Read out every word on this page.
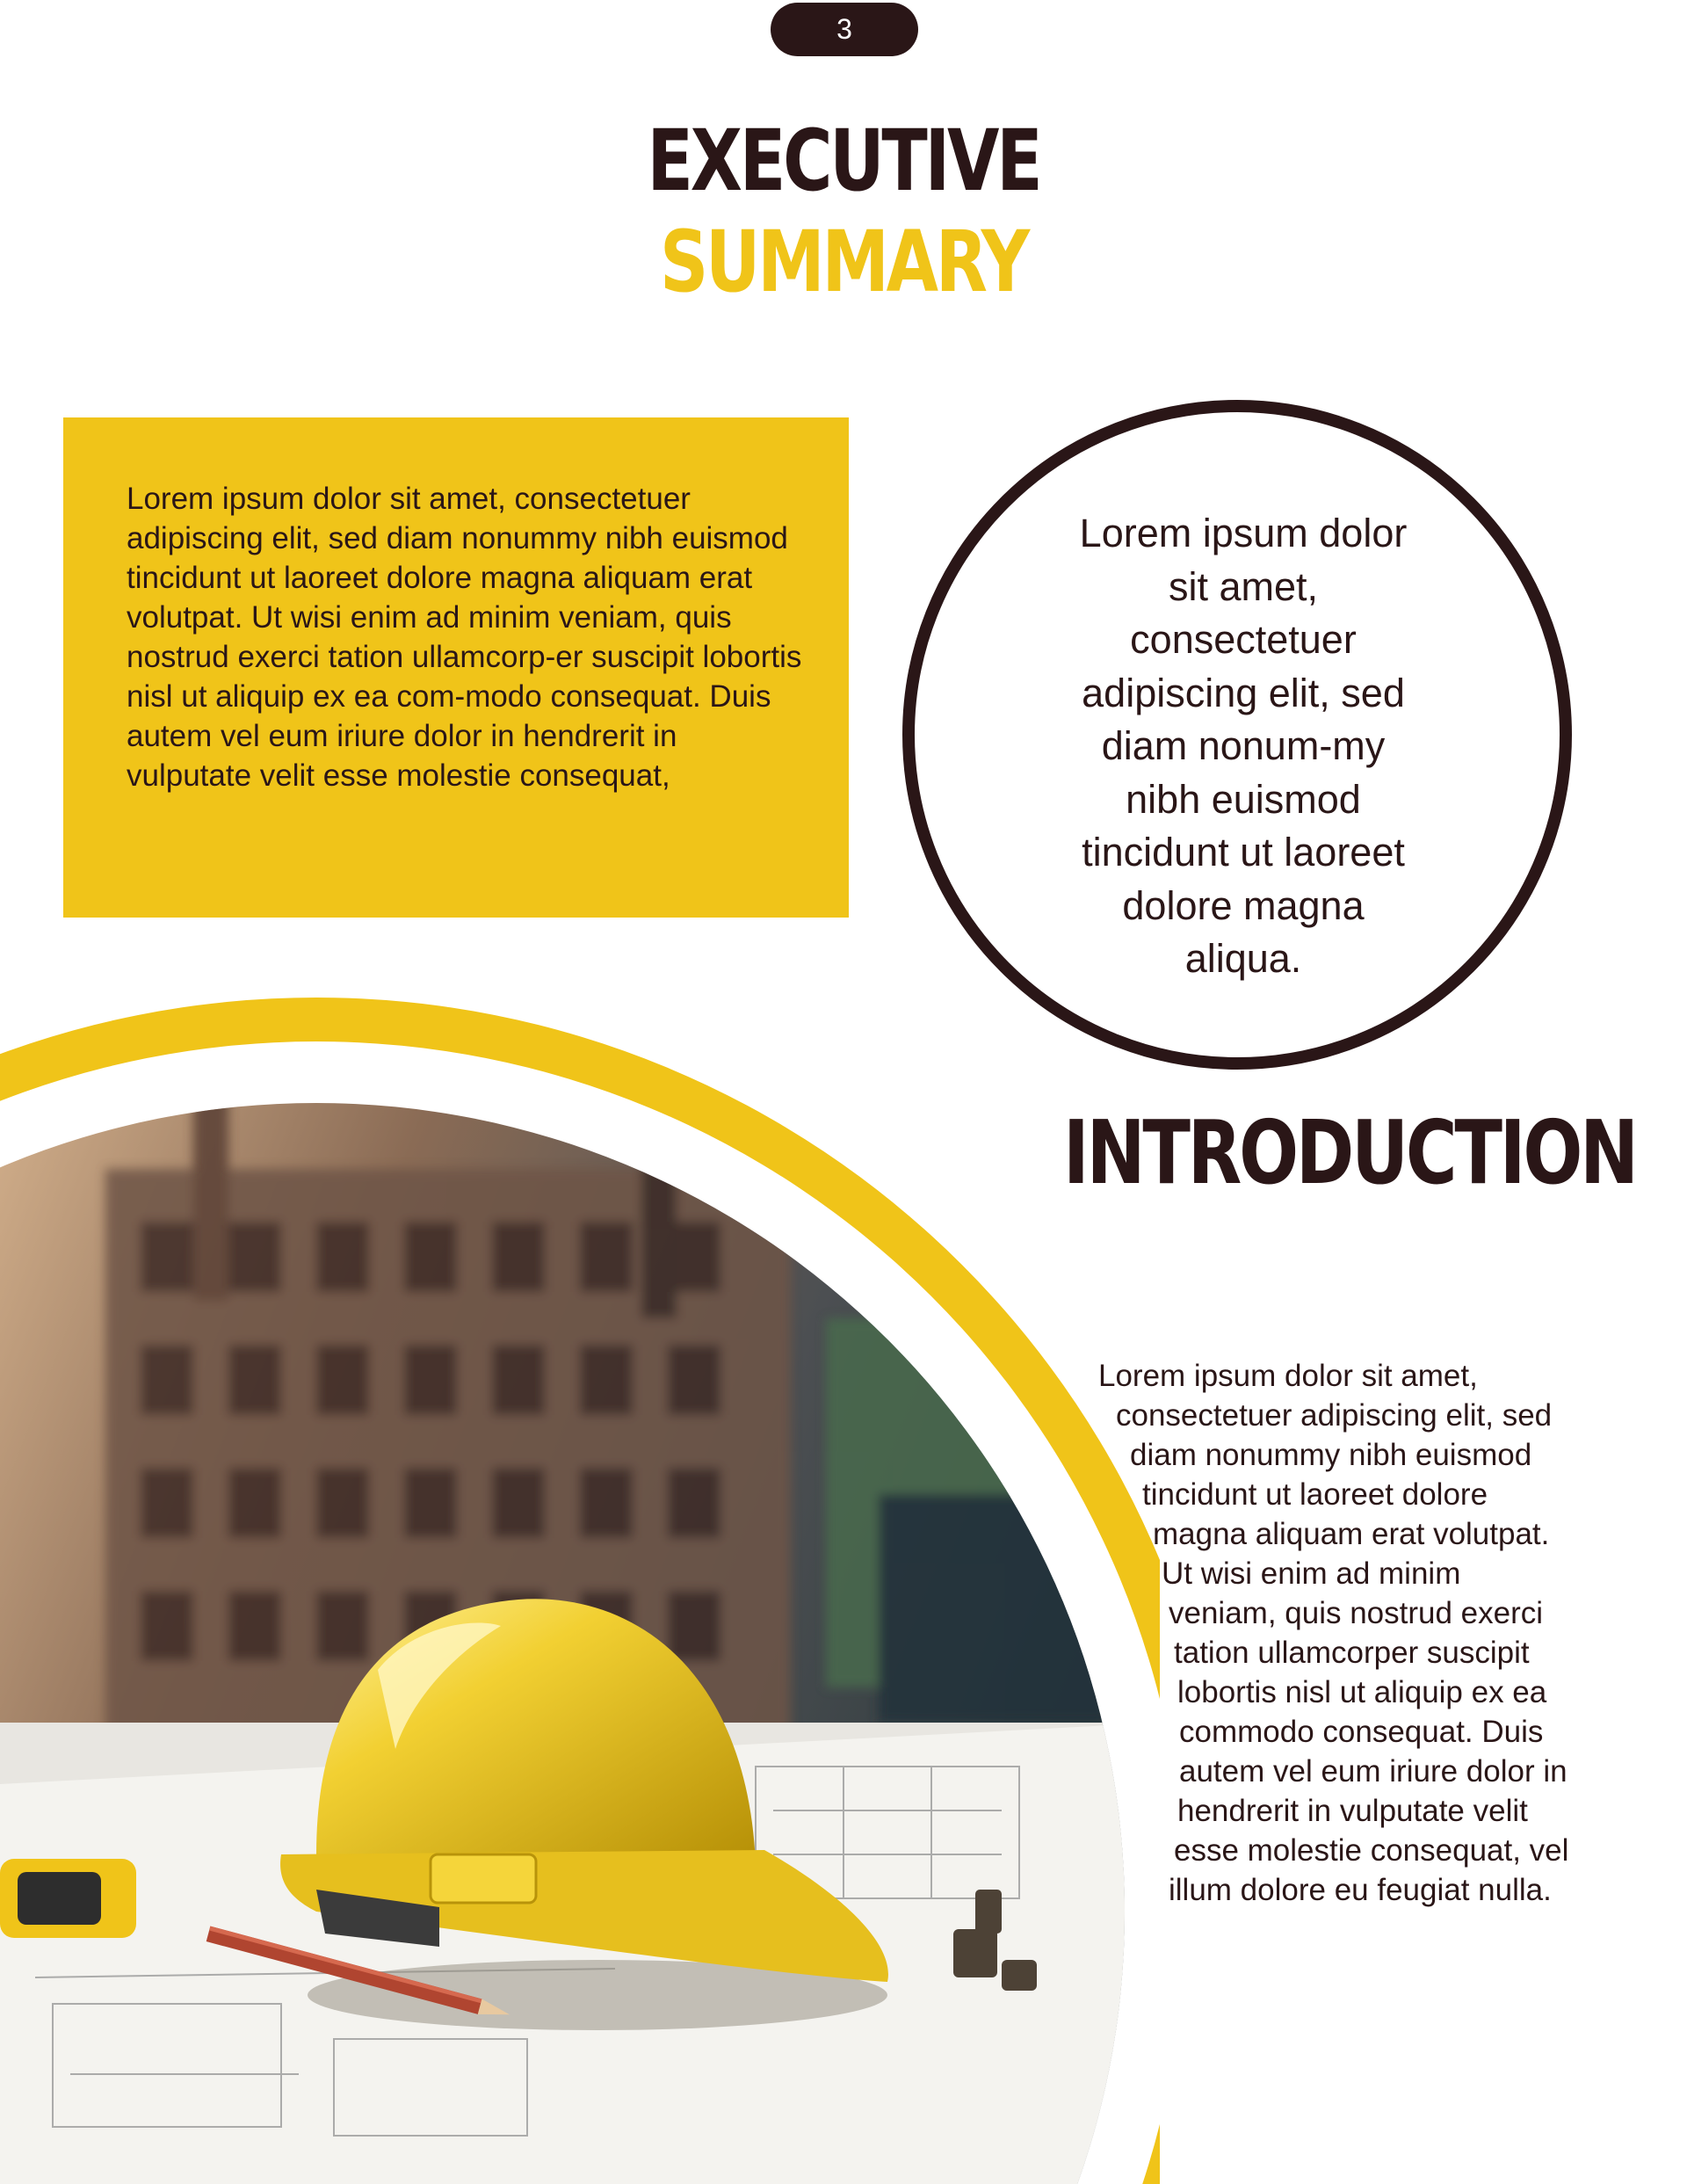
3
EXECUTIVE
SUMMARY

Lorem ipsum dolor sit amet, consectetuer adipiscing elit, sed diam nonummy nibh euismod tincidunt ut laoreet dolore magna aliquam erat volutpat. Ut wisi enim ad minim veniam, quis nostrud exerci tation ullamcorp-er suscipit lobortis nisl ut aliquip ex ea com-modo consequat. Duis autem vel eum iriure dolor in hendrerit in vulputate velit esse molestie consequat,

Lorem ipsum dolor sit amet, consectetuer adipiscing elit, sed diam nonum-my nibh euismod tincidunt ut laoreet dolore magna aliqua.

INTRODUCTION
Lorem ipsum dolor sit amet,
consectetuer adipiscing elit, sed
diam nonummy nibh euismod
tincidunt ut laoreet dolore
magna aliquam erat volutpat.
Ut wisi enim ad minim
veniam, quis nostrud exerci
tation ullamcorper suscipit
lobortis nisl ut aliquip ex ea
commodo consequat. Duis
autem vel eum iriure dolor in
hendrerit in vulputate velit
esse molestie consequat, vel
illum dolore eu feugiat nulla.
